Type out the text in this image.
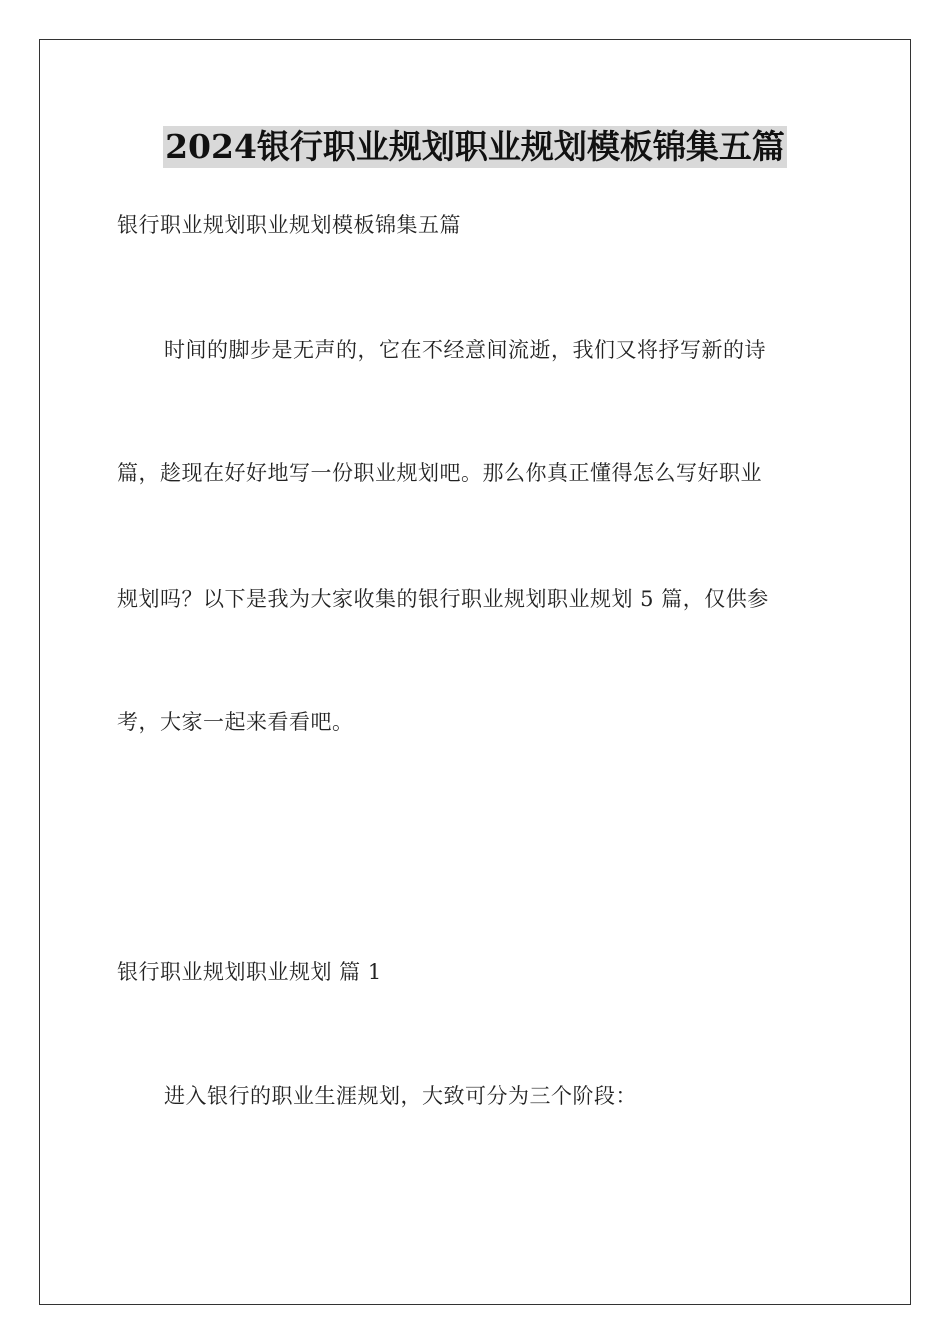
2024银行职业规划职业规划模板锦集五篇
银行职业规划职业规划模板锦集五篇
时间的脚步是无声的，它在不经意间流逝，我们又将抒写新的诗
篇，趁现在好好地写一份职业规划吧。那么你真正懂得怎么写好职业
规划吗？以下是我为大家收集的银行职业规划职业规划 5 篇，仅供参
考，大家一起来看看吧。
银行职业规划职业规划 篇 1
进入银行的职业生涯规划，大致可分为三个阶段：
